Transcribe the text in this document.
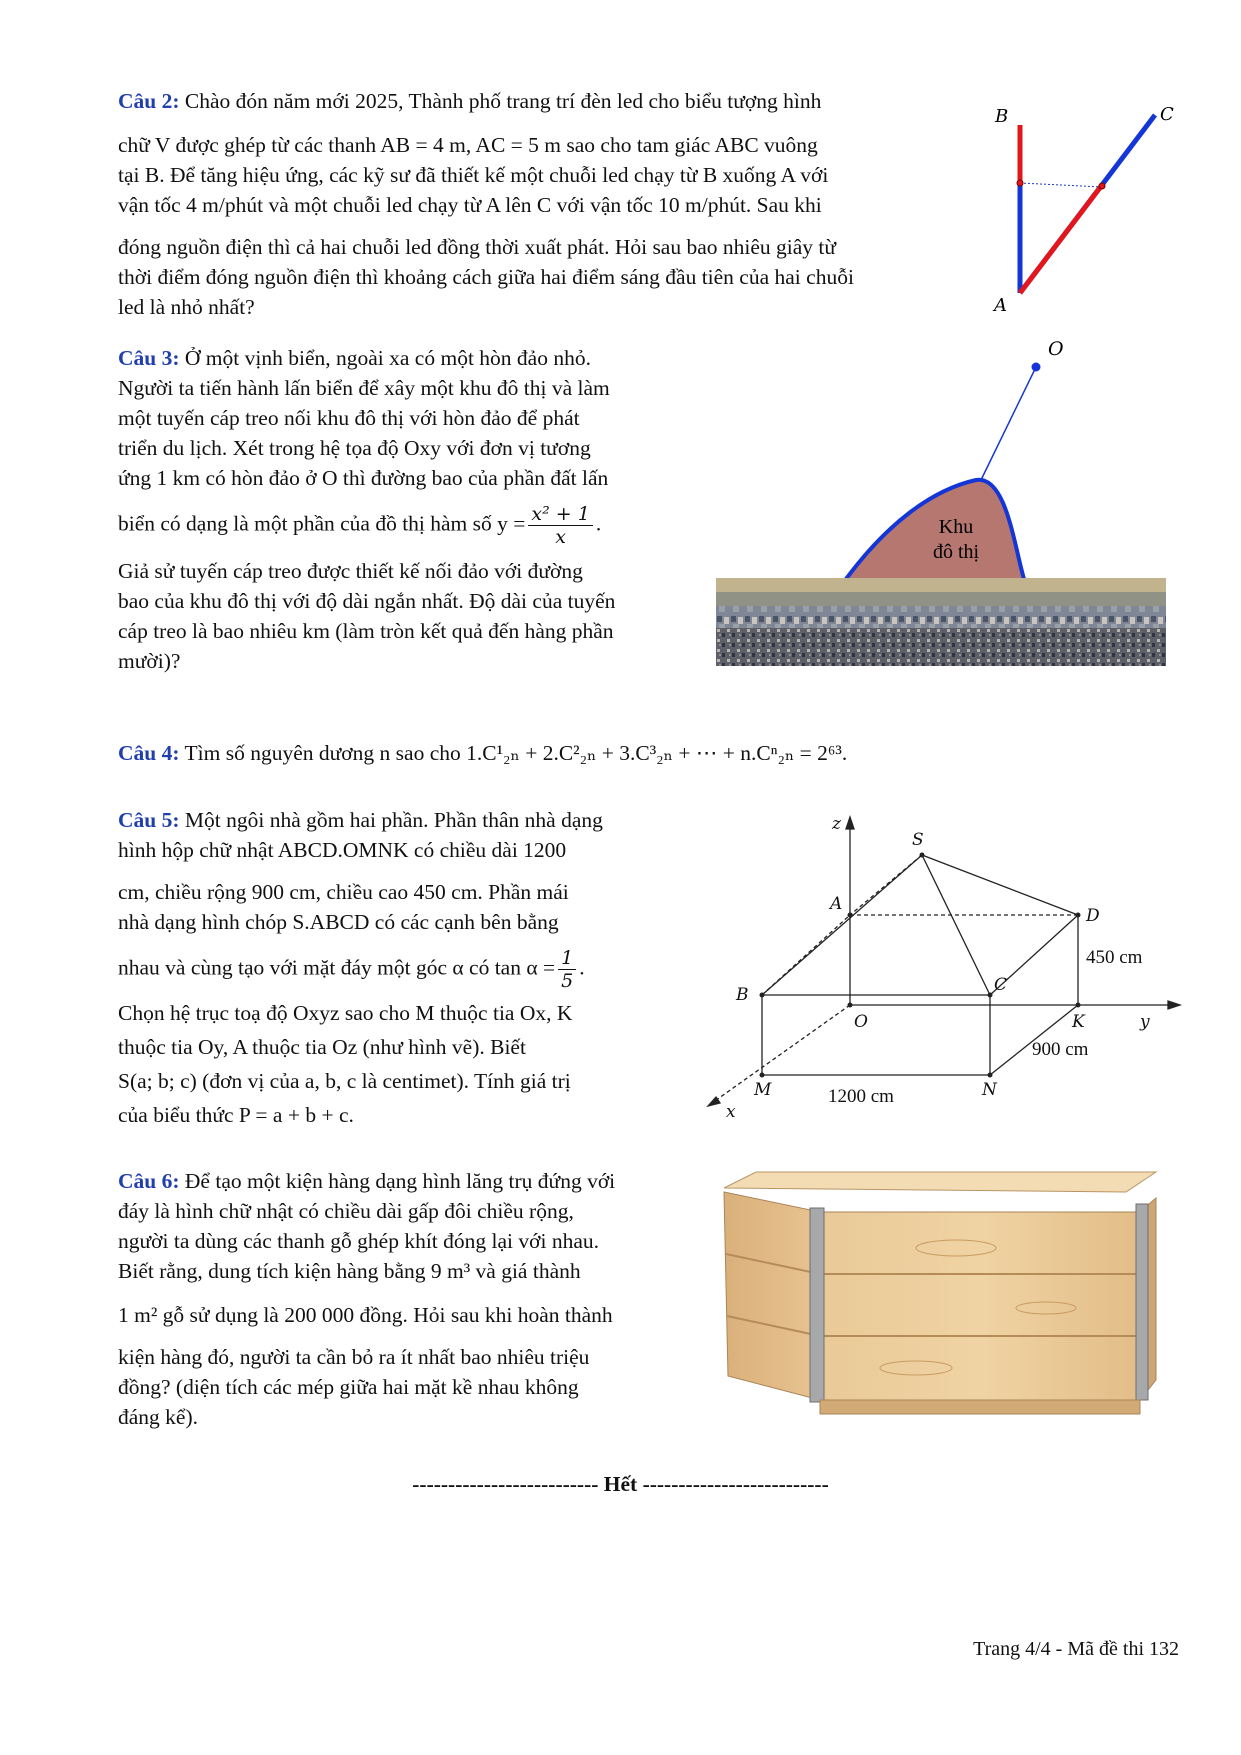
Câu 2: Chào đón năm mới 2025, Thành phố trang trí đèn led cho biểu tượng hình

chữ V được ghép từ các thanh AB = 4 m, AC = 5 m sao cho tam giác ABC vuông

tại B. Để tăng hiệu ứng, các kỹ sư đã thiết kế một chuỗi led chạy từ B xuống A với

vận tốc 4 m/phút và một chuỗi led chạy từ A lên C với vận tốc 10 m/phút. Sau khi

đóng nguồn điện thì cả hai chuỗi led đồng thời xuất phát. Hỏi sau bao nhiêu giây từ

thời điểm đóng nguồn điện thì khoảng cách giữa hai điểm sáng đầu tiên của hai chuỗi

led là nhỏ nhất?

B	C
A

Câu 3: Ở một vịnh biển, ngoài xa có một hòn đảo nhỏ.

Người ta tiến hành lấn biển để xây một khu đô thị và làm

một tuyến cáp treo nối khu đô thị với hòn đảo để phát

triển du lịch. Xét trong hệ tọa độ Oxy với đơn vị tương

ứng 1 km có hòn đảo ở O thì đường bao của phần đất lấn

biển có dạng là một phần của đồ thị hàm số $y = \frac{\text{x² + 1}}{x}$ .

Giả sử tuyến cáp treo được thiết kế nối đảo với đường

bao của khu đô thị với độ dài ngắn nhất. Độ dài của tuyến

cáp treo là bao nhiêu km (làm tròn kết quả đến hàng phần

mười)?

O
Khu
đô thị

Câu 4: Tìm số nguyên dương n sao cho 1.C¹₂ₙ + 2.C²₂ₙ + 3.C³₂ₙ + ⋯ + n.Cⁿ₂ₙ = 2⁶³.

Câu 5: Một ngôi nhà gồm hai phần. Phần thân nhà dạng

hình hộp chữ nhật ABCD.OMNK có chiều dài 1200

cm, chiều rộng 900 cm, chiều cao 450 cm. Phần mái

nhà dạng hình chóp S.ABCD có các cạnh bên bằng

nhau và cùng tạo với mặt đáy một góc α có $\tan \alpha = \frac{1}{5}$ .

Chọn hệ trục toạ độ Oxyz sao cho M thuộc tia Ox, K

thuộc tia Oy, A thuộc tia Oz (như hình vẽ). Biết

S(a; b; c) (đơn vị của a, b, c là centimet). Tính giá trị

của biểu thức P = a + b + c.

z
S
A
D
B	C
O	K	y
M	N
x
450 cm
900 cm
1200 cm

Câu 6: Để tạo một kiện hàng dạng hình lăng trụ đứng với

đáy là hình chữ nhật có chiều dài gấp đôi chiều rộng,

người ta dùng các thanh gỗ ghép khít đóng lại với nhau.

Biết rằng, dung tích kiện hàng bằng 9 m³ và giá thành

1 m² gỗ sử dụng là 200 000 đồng. Hỏi sau khi hoàn thành

kiện hàng đó, người ta cần bỏ ra ít nhất bao nhiêu triệu

đồng? (diện tích các mép giữa hai mặt kề nhau không

đáng kể).

-------------------------- Hết --------------------------
Trang 4/4 - Mã đề thi 132
